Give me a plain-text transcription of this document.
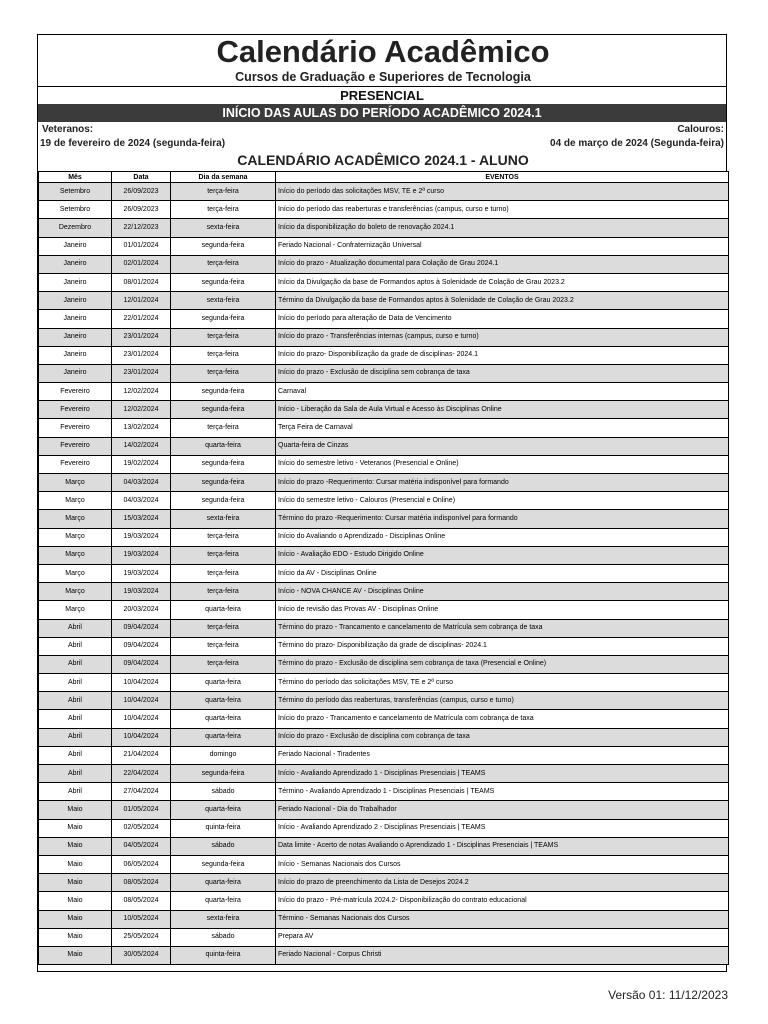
Calendário Acadêmico
Cursos de Graduação e Superiores de Tecnologia
PRESENCIAL
INÍCIO DAS AULAS DO PERÍODO ACADÊMICO 2024.1
Veteranos:
19 de fevereiro de 2024 (segunda-feira)
Calouros:
04 de março de 2024 (Segunda-feira)
CALENDÁRIO ACADÊMICO 2024.1 - ALUNO
Mês	Data	Dia da semana	EVENTOS
Setembro	26/09/2023	terça-feira	Início do período das solicitações MSV, TE e 2ª curso
Setembro	26/09/2023	terça-feira	Início do período das reaberturas e transferências (campus, curso e turno)
Dezembro	22/12/2023	sexta-feira	Início da disponibilização do boleto de renovação 2024.1
Janeiro	01/01/2024	segunda-feira	Feriado Nacional - Confraternização Universal
Janeiro	02/01/2024	terça-feira	Início do prazo - Atualização documental para Colação de Grau 2024.1
Janeiro	08/01/2024	segunda-feira	Início da Divulgação da base de Formandos aptos à Solenidade de Colação de Grau 2023.2
Janeiro	12/01/2024	sexta-feira	Término da Divulgação da base de Formandos aptos à Solenidade de Colação de Grau 2023.2
Janeiro	22/01/2024	segunda-feira	Início do período para alteração de Data de Vencimento
Janeiro	23/01/2024	terça-feira	Início do prazo - Transferências internas (campus, curso e turno)
Janeiro	23/01/2024	terça-feira	Início do prazo- Disponibilização da grade de disciplinas- 2024.1
Janeiro	23/01/2024	terça-feira	Início do prazo - Exclusão de disciplina sem cobrança de taxa
Fevereiro	12/02/2024	segunda-feira	Carnaval
Fevereiro	12/02/2024	segunda-feira	Início - Liberação da Sala de Aula Virtual e Acesso às Disciplinas Online
Fevereiro	13/02/2024	terça-feira	Terça Feira de Carnaval
Fevereiro	14/02/2024	quarta-feira	Quarta-feira de Cinzas
Fevereiro	19/02/2024	segunda-feira	Início do semestre letivo - Veteranos (Presencial e Online)
Março	04/03/2024	segunda-feira	Início do prazo -Requerimento: Cursar matéria indisponível para formando
Março	04/03/2024	segunda-feira	Início do semestre letivo - Calouros (Presencial e Online)
Março	15/03/2024	sexta-feira	Término do prazo -Requerimento: Cursar matéria indisponível para formando
Março	19/03/2024	terça-feira	Início do Avaliando o Aprendizado - Disciplinas Online
Março	19/03/2024	terça-feira	Início - Avaliação EDO - Estudo Dirigido Online
Março	19/03/2024	terça-feira	Início da AV - Disciplinas Online
Março	19/03/2024	terça-feira	Início - NOVA CHANCE AV - Disciplinas Online
Março	20/03/2024	quarta-feira	Início de revisão das Provas AV - Disciplinas Online
Abril	09/04/2024	terça-feira	Término do prazo - Trancamento e cancelamento de Matrícula sem cobrança de taxa
Abril	09/04/2024	terça-feira	Término do prazo- Disponibilização da grade de disciplinas- 2024.1
Abril	09/04/2024	terça-feira	Término do prazo - Exclusão de disciplina sem cobrança de taxa (Presencial e Online)
Abril	10/04/2024	quarta-feira	Término do período das solicitações MSV, TE e 2ª curso
Abril	10/04/2024	quarta-feira	Término do período das reaberturas, transferências (campus, curso e turno)
Abril	10/04/2024	quarta-feira	Início do prazo - Trancamento e cancelamento de Matrícula com cobrança de taxa
Abril	10/04/2024	quarta-feira	Início do prazo - Exclusão de disciplina com cobrança de taxa
Abril	21/04/2024	domingo	Feriado Nacional - Tiradentes
Abril	22/04/2024	segunda-feira	Início - Avaliando Aprendizado 1 - Disciplinas Presenciais | TEAMS
Abril	27/04/2024	sábado	Término - Avaliando Aprendizado 1 - Disciplinas Presenciais | TEAMS
Maio	01/05/2024	quarta-feira	Feriado Nacional - Dia do Trabalhador
Maio	02/05/2024	quinta-feira	Início - Avaliando Aprendizado 2 - Disciplinas Presenciais | TEAMS
Maio	04/05/2024	sábado	Data limite - Acerto de notas Avaliando o Aprendizado 1 - Disciplinas Presenciais | TEAMS
Maio	06/05/2024	segunda-feira	Início - Semanas Nacionais dos Cursos
Maio	08/05/2024	quarta-feira	Início do prazo de preenchimento da Lista de Desejos 2024.2
Maio	08/05/2024	quarta-feira	Início do prazo - Pré-matrícula 2024.2- Disponibilização do contrato educacional
Maio	10/05/2024	sexta-feira	Término - Semanas Nacionais dos Cursos
Maio	25/05/2024	sábado	Prepara AV
Maio	30/05/2024	quinta-feira	Feriado Nacional - Corpus Christi
Versão 01: 11/12/2023
